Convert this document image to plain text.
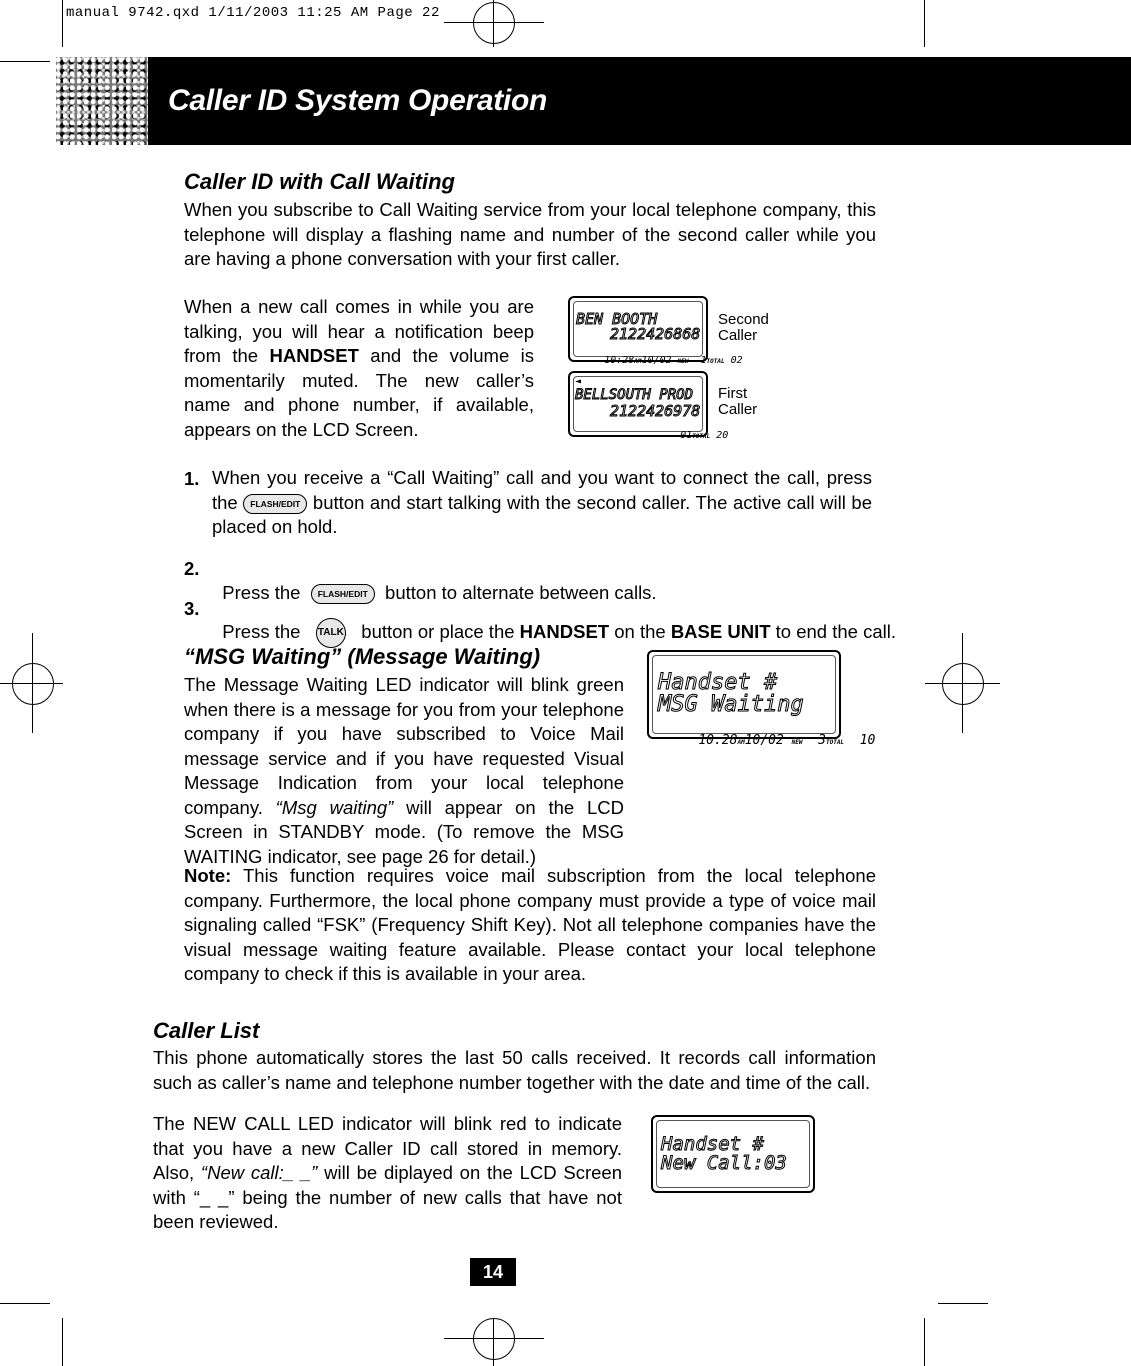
manual 9742.qxd 1/11/2003 11:25 AM Page 22
Caller ID System Operation
Caller ID with Call Waiting
When you subscribe to Call Waiting service from your local telephone company, this telephone will display a flashing name and number of the second caller while you are having a phone conversation with your first caller.
When a new call comes in while you are talking, you will hear a notification beep from the HANDSET and the volume is momentarily muted. The new caller’s name and phone number, if available, appears on the LCD Screen.
BEN BOOTH
2122426868

10:28AM10/02 NEW 1TOTAL 02

Second
Caller
◄
BELLSOUTH PROD
2122426978

01TOTAL 20

First
Caller
1. When you receive a “Call Waiting” call and you want to connect the call, press the FLASH/EDIT button and start talking with the second caller. The active call will be placed on hold.
2.

Press the  FLASH/EDIT  button to alternate between calls.

3.

Press the   TALK   button or place the HANDSET on the BASE UNIT to end the call.

“MSG Waiting” (Message Waiting)
The Message Waiting LED indicator will blink green when there is a message for you from your telephone company if you have subscribed to Voice Mail message service and if you have requested Visual Message Indication from your local telephone company. “Msg waiting” will appear on the LCD Screen in STANDBY mode. (To remove the MSG WAITING indicator, see page 26 for detail.)
Handset #
MSG Waiting

10:28AM10/02 NEW 3TOTAL 10

Note: This function requires voice mail subscription from the local telephone company. Furthermore, the local phone company must provide a type of voice mail signaling called “FSK” (Frequency Shift Key). Not all telephone companies have the visual message waiting feature available. Please contact your local telephone company to check if this is available in your area.
Caller List
This phone automatically stores the last 50 calls received. It records call information such as caller’s name and telephone number together with the date and time of the call.
The NEW CALL LED indicator will blink red to indicate that you have a new Caller ID call stored in memory. Also, “New call:_ _” will be diplayed on the LCD Screen with “_ _” being the number of new calls that have not been reviewed.
Handset #
New Call:03
14
